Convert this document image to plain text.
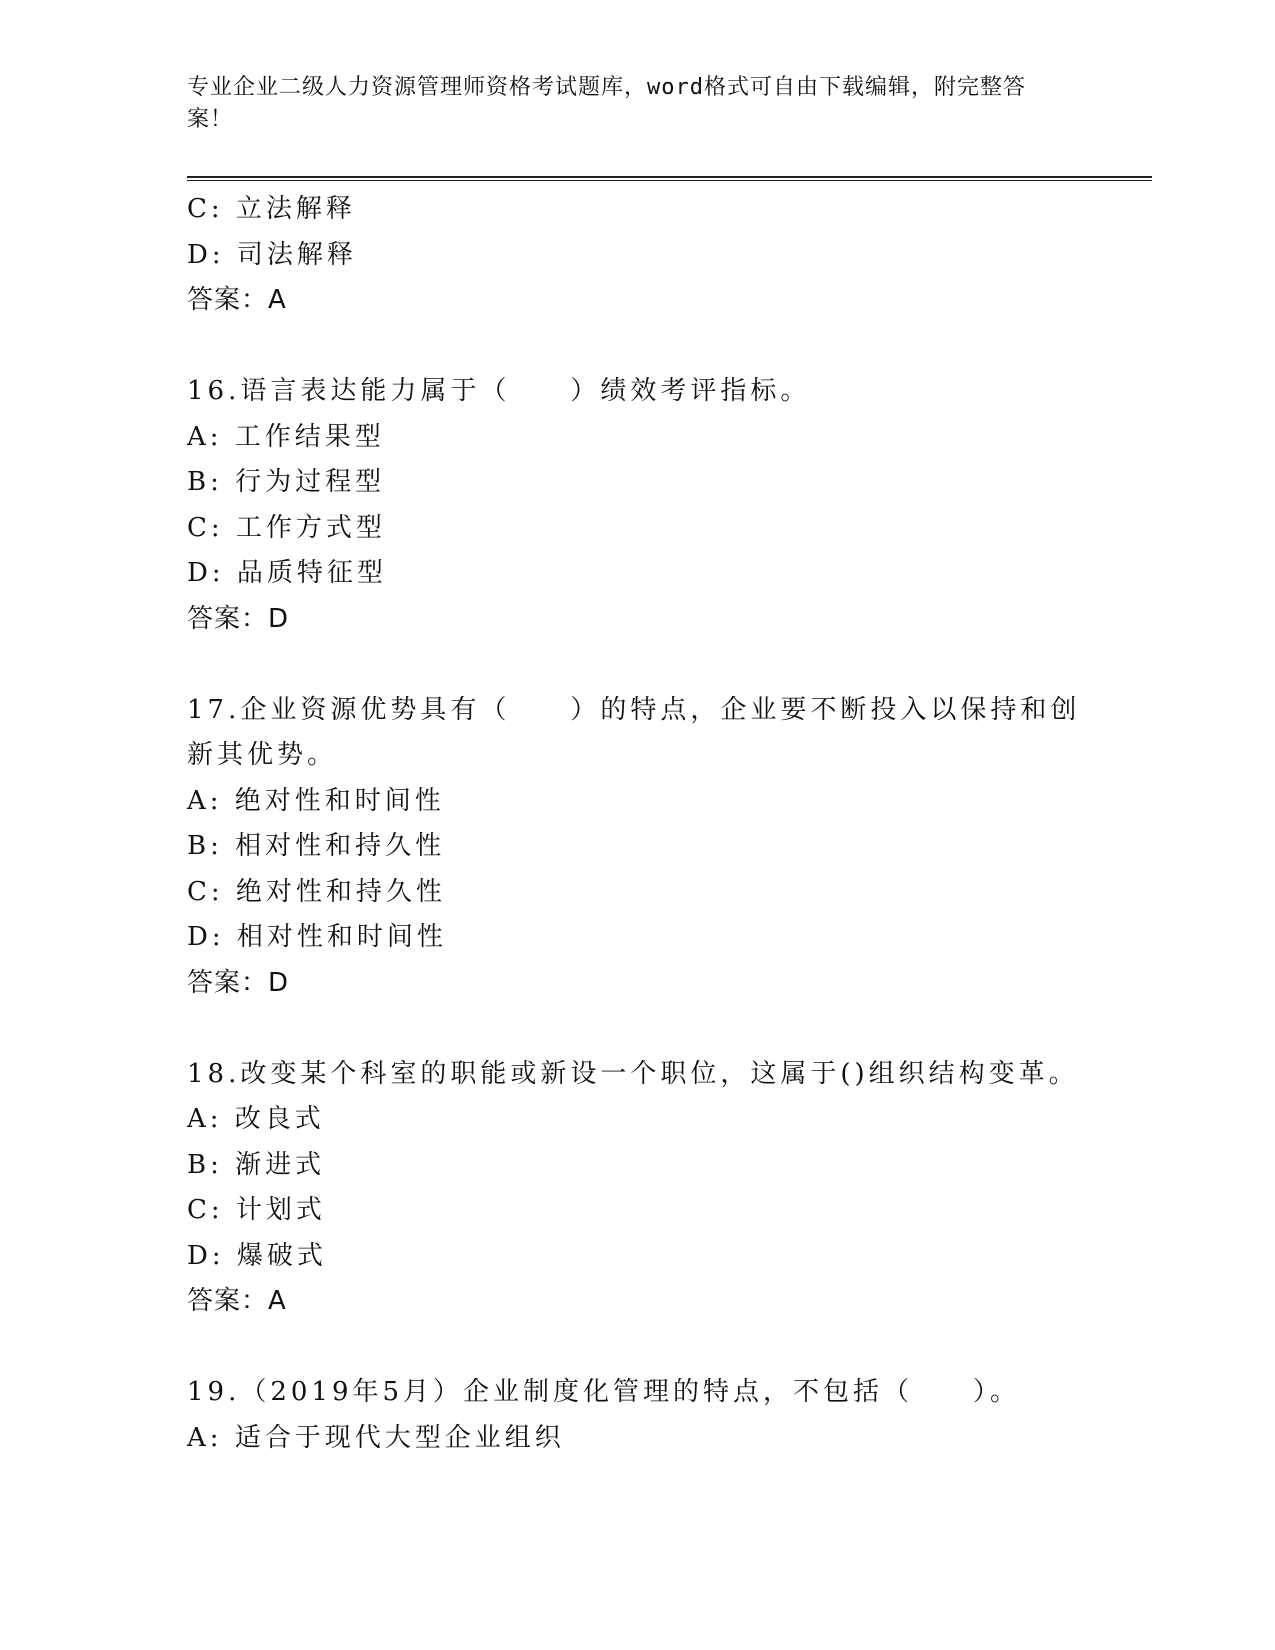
专业企业二级人力资源管理师资格考试题库，word格式可自由下载编辑，附完整答案！
C: 立法解释
D: 司法解释
答案：A
16.语言表达能力属于（　　）绩效考评指标。
A: 工作结果型
B: 行为过程型
C: 工作方式型
D: 品质特征型
答案：D
17.企业资源优势具有（　　）的特点，企业要不断投入以保持和创新其优势。
A: 绝对性和时间性
B: 相对性和持久性
C: 绝对性和持久性
D: 相对性和时间性
答案：D
18.改变某个科室的职能或新设一个职位，这属于()组织结构变革。
A: 改良式
B: 渐进式
C: 计划式
D: 爆破式
答案：A
19.（2019年5月）企业制度化管理的特点，不包括（　　）。
A: 适合于现代大型企业组织
